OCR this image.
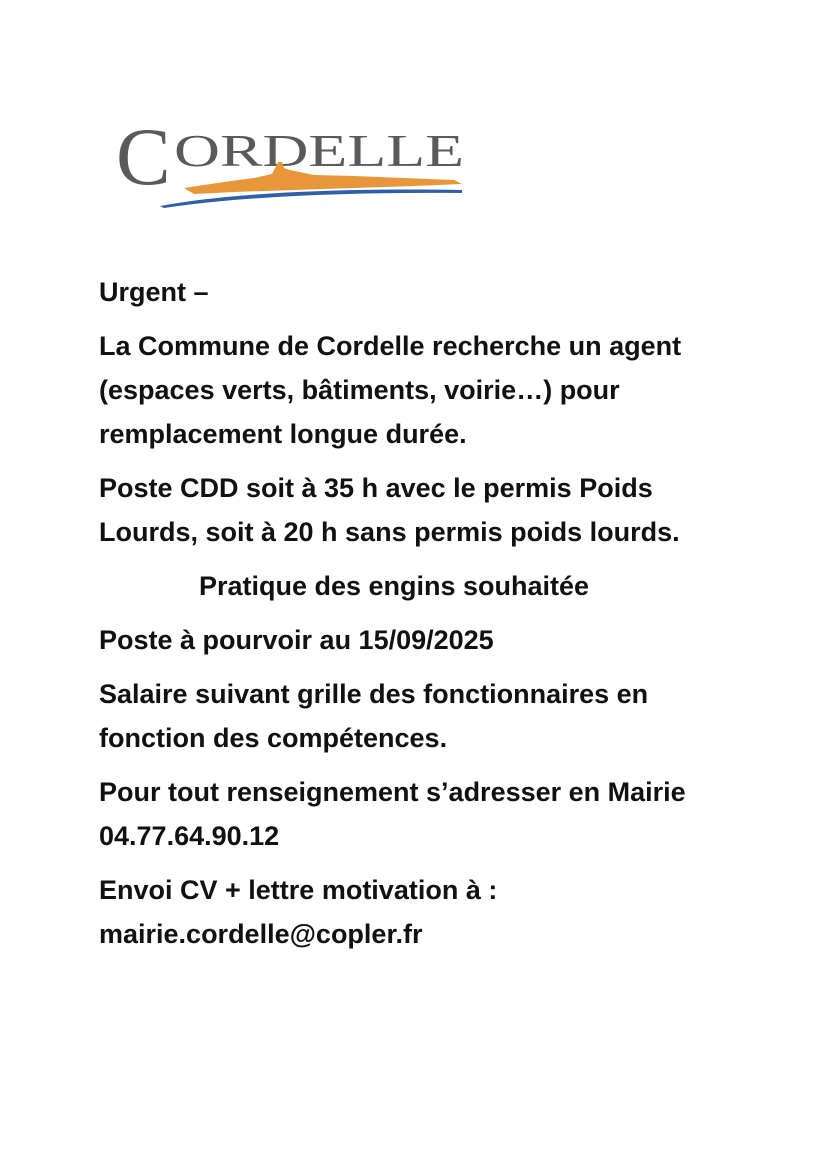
C ORDELLE

Urgent –

La Commune de Cordelle recherche un agent (espaces verts, bâtiments, voirie…) pour remplacement longue durée.

Poste CDD soit à 35 h avec le permis Poids Lourds, soit à 20 h sans permis poids lourds.

Pratique des engins souhaitée

Poste à pourvoir au 15/09/2025

Salaire suivant grille des fonctionnaires en fonction des compétences.

Pour tout renseignement s’adresser en Mairie 04.77.64.90.12

Envoi CV + lettre motivation à : mairie.cordelle@copler.fr
